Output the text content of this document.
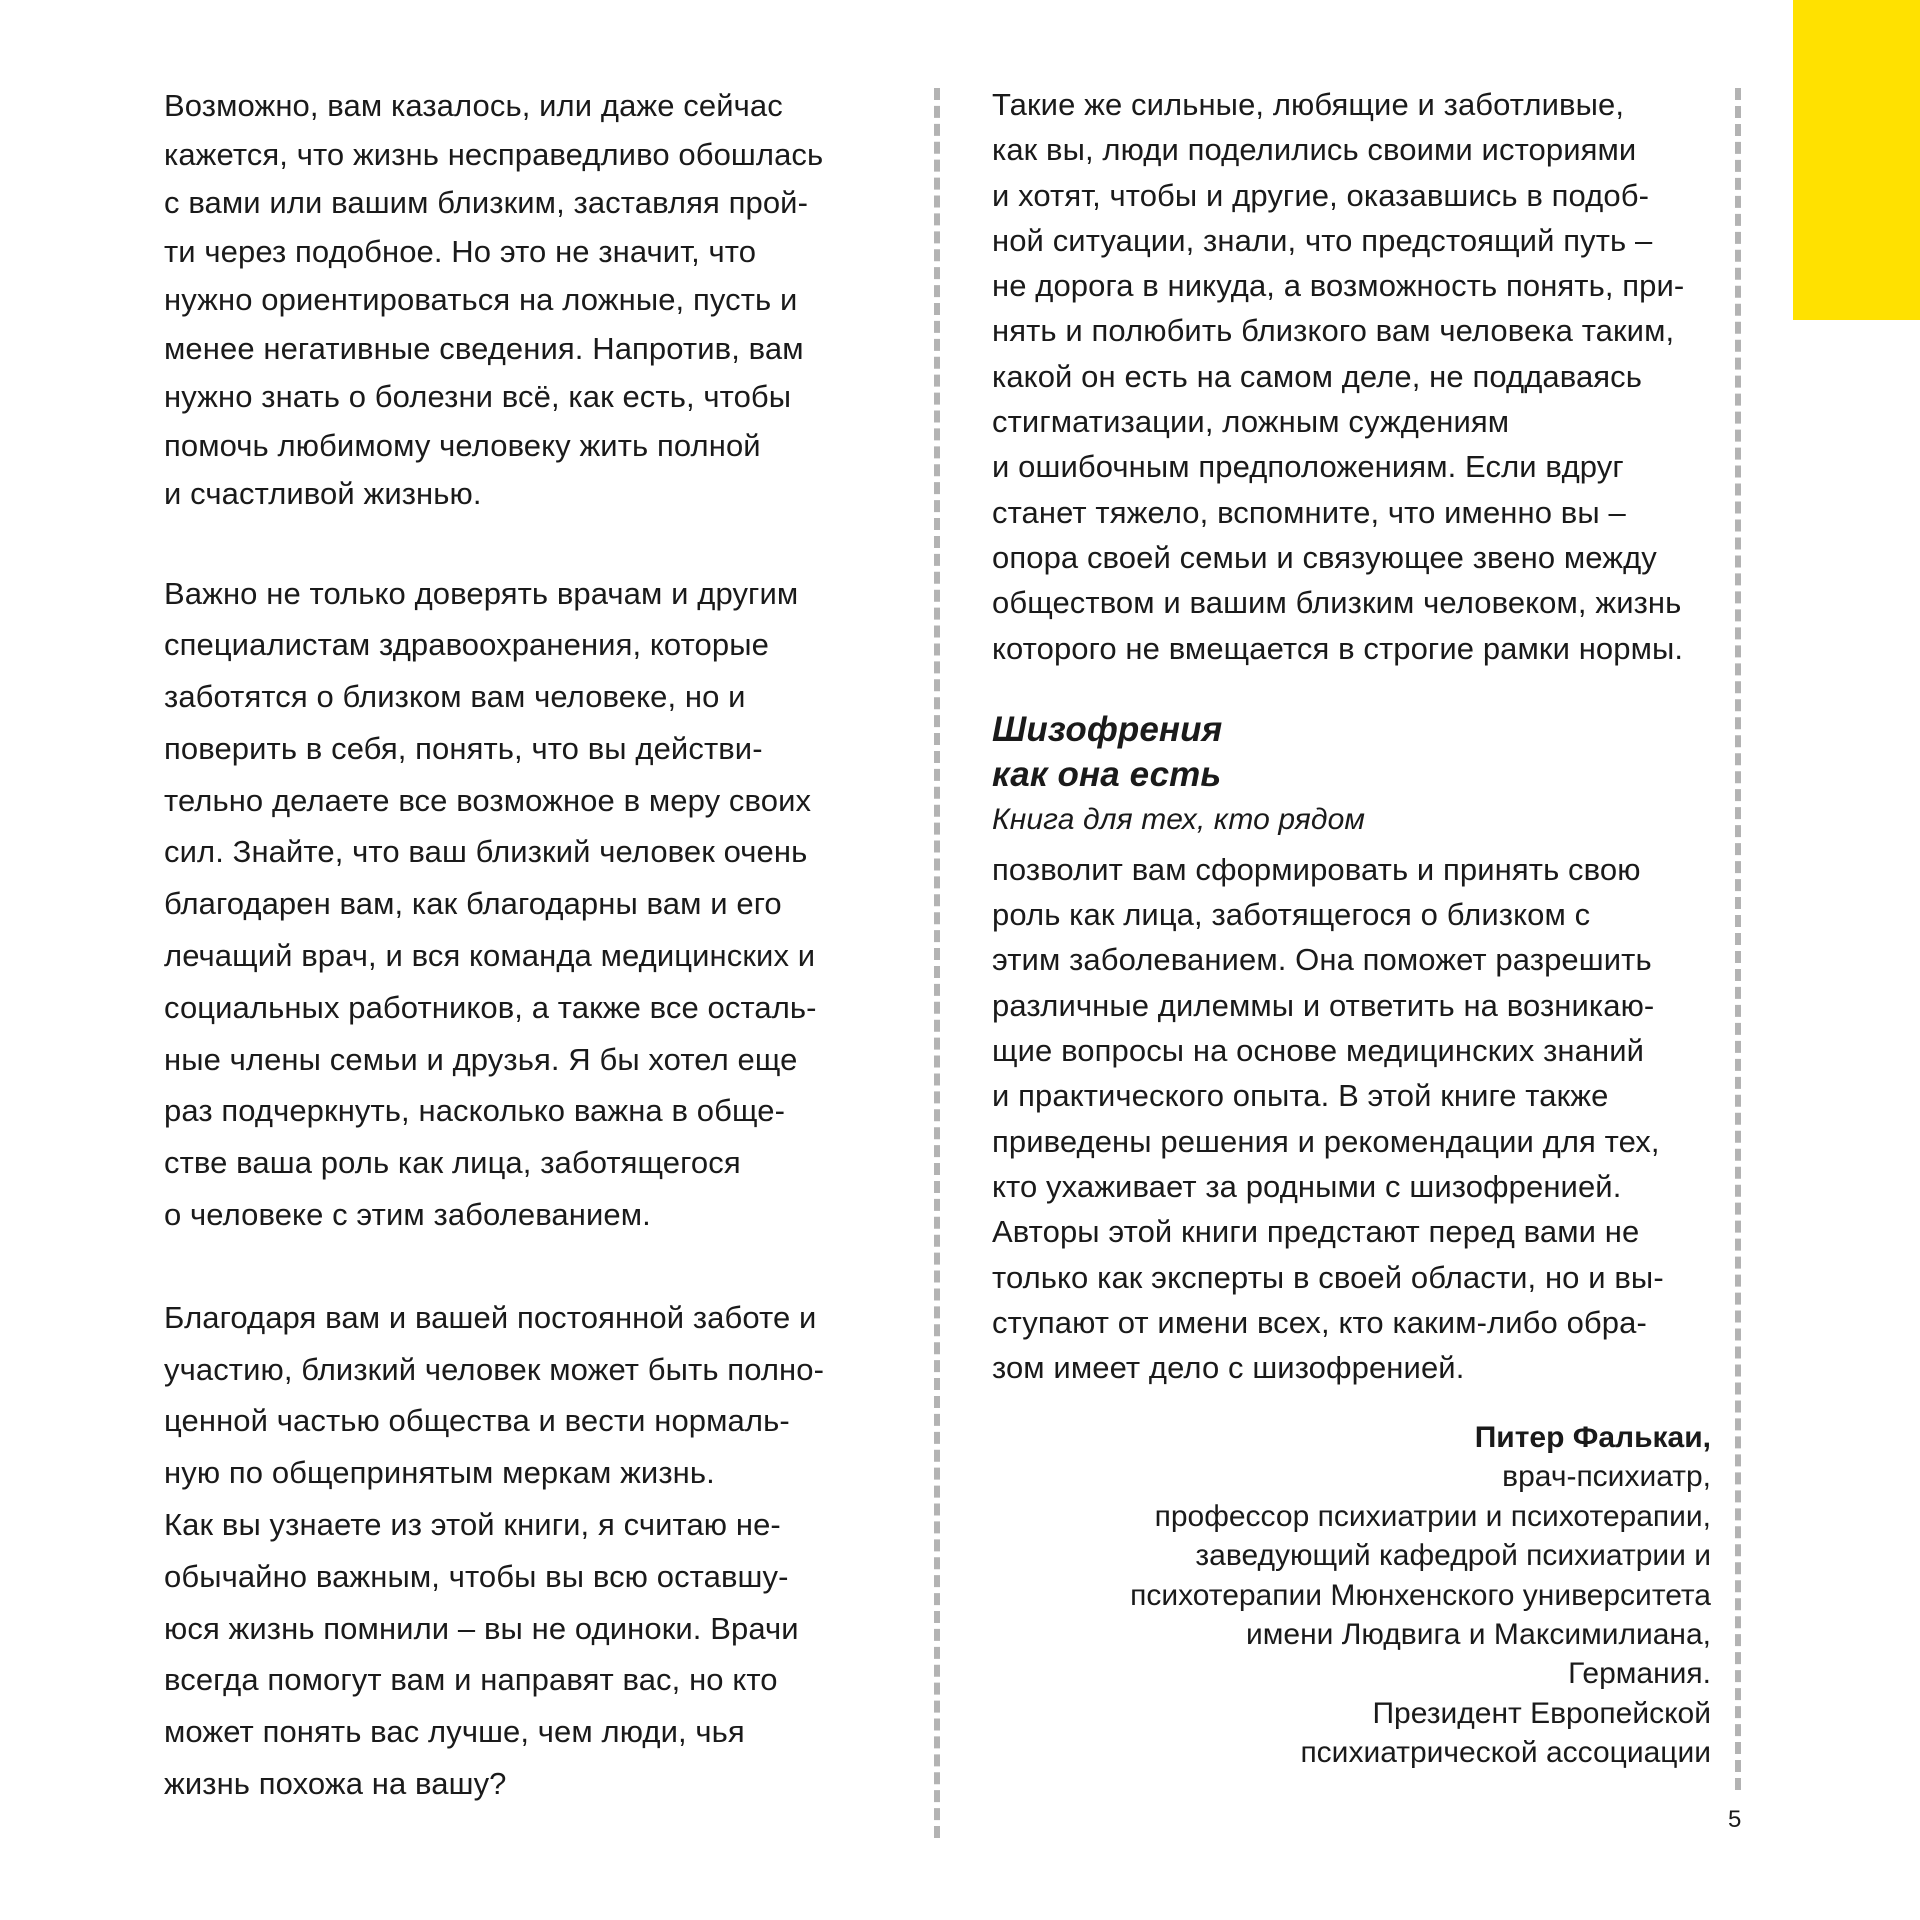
Возможно, вам казалось, или даже сейчас
кажется, что жизнь несправедливо обошлась
с вами или вашим близким, заставляя прой-
ти через подобное. Но это не значит, что
нужно ориентироваться на ложные, пусть и
менее негативные сведения. Напротив, вам
нужно знать о болезни всё, как есть, чтобы
помочь любимому человеку жить полной
и счастливой жизнью.
Важно не только доверять врачам и другим
специалистам здравоохранения, которые
заботятся о близком вам человеке, но и
поверить в себя, понять, что вы действи-
тельно делаете все возможное в меру своих
сил. Знайте, что ваш близкий человек очень
благодарен вам, как благодарны вам и его
лечащий врач, и вся команда медицинских и
социальных работников, а также все осталь-
ные члены семьи и друзья. Я бы хотел еще
раз подчеркнуть, насколько важна в обще-
стве ваша роль как лица, заботящегося
о человеке с этим заболеванием.
Благодаря вам и вашей постоянной заботе и
участию, близкий человек может быть полно-
ценной частью общества и вести нормаль-
ную по общепринятым меркам жизнь.
Как вы узнаете из этой книги, я считаю не-
обычайно важным, чтобы вы всю оставшу-
юся жизнь помнили – вы не одиноки. Врачи
всегда помогут вам и направят вас, но кто
может понять вас лучше, чем люди, чья
жизнь похожа на вашу?
Такие же сильные, любящие и заботливые,
как вы, люди поделились своими историями
и хотят, чтобы и другие, оказавшись в подоб-
ной ситуации, знали, что предстоящий путь –
не дорога в никуда, а возможность понять, при-
нять и полюбить близкого вам человека таким,
какой он есть на самом деле, не поддаваясь
стигматизации, ложным суждениям
и ошибочным предположениям. Если вдруг
станет тяжело, вспомните, что именно вы –
опора своей семьи и связующее звено между
обществом и вашим близким человеком, жизнь
которого не вмещается в строгие рамки нормы.
Шизофрения
как она есть
Книга для тех, кто рядом
позволит вам сформировать и принять свою
роль как лица, заботящегося о близком с
этим заболеванием. Она поможет разрешить
различные дилеммы и ответить на возникаю-
щие вопросы на основе медицинских знаний
и практического опыта. В этой книге также
приведены решения и рекомендации для тех,
кто ухаживает за родными с шизофренией.
Авторы этой книги предстают перед вами не
только как эксперты в своей области, но и вы-
ступают от имени всех, кто каким-либо обра-
зом имеет дело с шизофренией.
Питер Фалькаи,
врач-психиатр,
профессор психиатрии и психотерапии,
заведующий кафедрой психиатрии и
психотерапии Мюнхенского университета
имени Людвига и Максимилиана,
Германия.
Президент Европейской
психиатрической ассоциации
5
